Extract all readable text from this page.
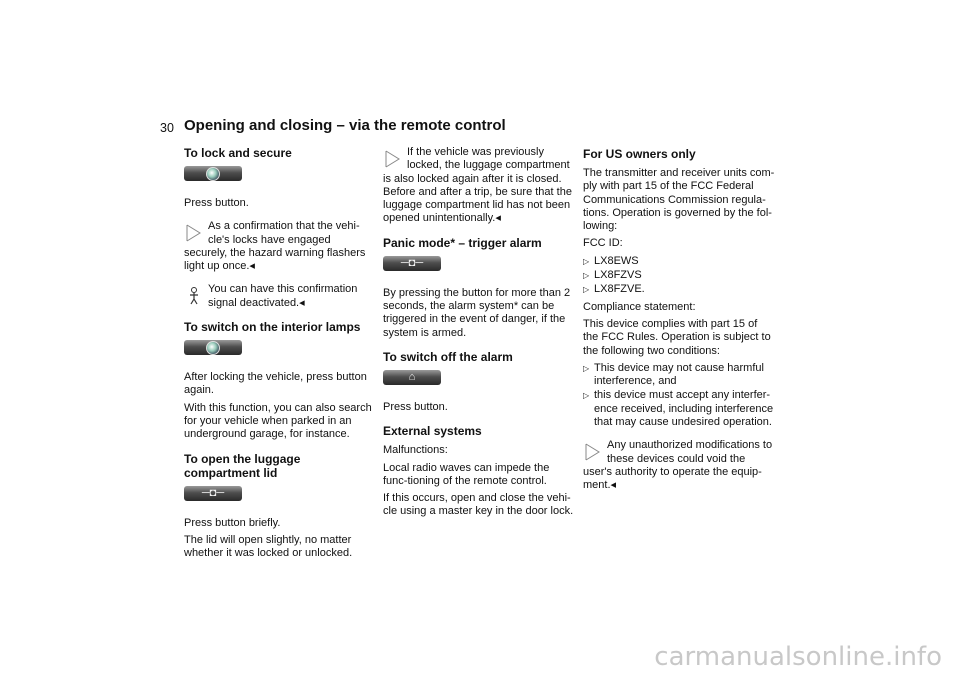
30 Opening and closing – via the remote control
To lock and secure

Press button.

As a confirmation that the vehi-
cle's locks have engaged securely, the hazard warning flashers light up once.◂
You can have this confirmation
signal deactivated.◂
To switch on the interior lamps

After locking the vehicle, press button again.

With this function, you can also search for your vehicle when parked in an underground garage, for instance.

To open the luggage compartment lid
─◘─

Press button briefly.

The lid will open slightly, no matter whether it was locked or unlocked.

If the vehicle was previously
locked, the luggage compartment is also locked again after it is closed. Before and after a trip, be sure that the luggage compartment lid has not been opened unintentionally.◂
Panic mode* – trigger alarm
─◘─

By pressing the button for more than 2 seconds, the alarm system* can be triggered in the event of danger, if the system is armed.

To switch off the alarm
⌂

Press button.

External systems

Malfunctions:

Local radio waves can impede the func-tioning of the remote control.

If this occurs, open and close the vehi-cle using a master key in the door lock.

For US owners only

The transmitter and receiver units com-ply with part 15 of the FCC Federal Communications Commission regula-tions. Operation is governed by the fol-lowing:

FCC ID:

▷ LX8EWS
▷ LX8FZVS
▷ LX8FZVE.

Compliance statement:

This device complies with part 15 of the FCC Rules. Operation is subject to the following two conditions:

▷ This device may not cause harmful interference, and
▷ this device must accept any interfer-ence received, including interference that may cause undesired operation.
Any unauthorized modifications to
these devices could void the user's authority to operate the equip-ment.◂
carmanualsonline.info
